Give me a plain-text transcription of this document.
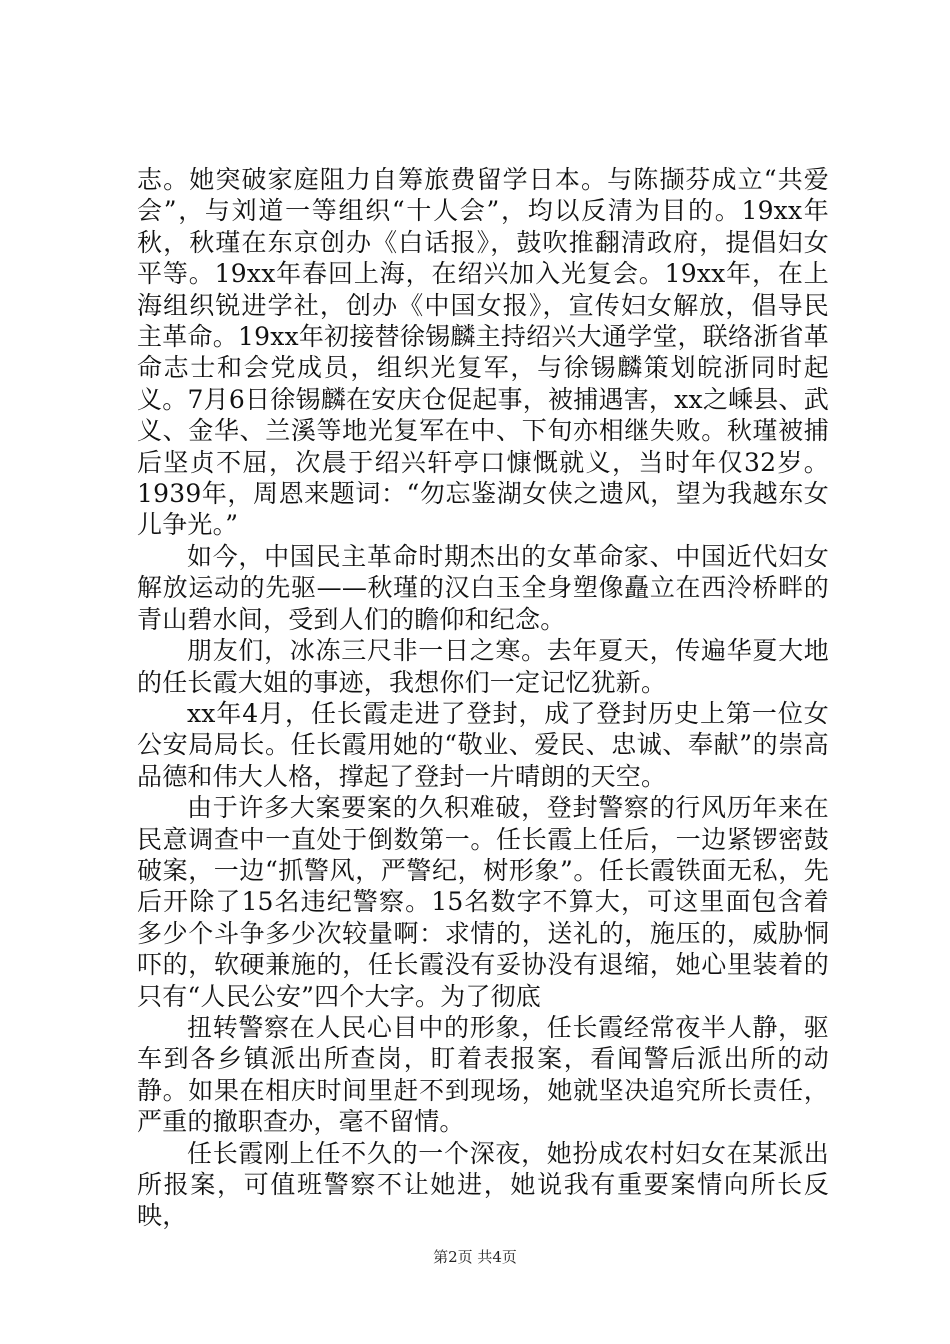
志。她突破家庭阻力自筹旅费留学日本。与陈撷芬成立“共爱会”，与刘道一等组织“十人会”，均以反清为目的。19xx年秋，秋瑾在东京创办《白话报》，鼓吹推翻清政府，提倡妇女平等。19xx年春回上海，在绍兴加入光复会。19xx年，在上海组织锐进学社，创办《中国女报》，宣传妇女解放，倡导民主革命。19xx年初接替徐锡麟主持绍兴大通学堂，联络浙省革命志士和会党成员，组织光复军，与徐锡麟策划皖浙同时起义。7月6日徐锡麟在安庆仓促起事，被捕遇害，xx之嵊县、武义、金华、兰溪等地光复军在中、下旬亦相继失败。秋瑾被捕后坚贞不屈，次晨于绍兴轩亭口慷慨就义，当时年仅32岁。1939年，周恩来题词：“勿忘鉴湖女侠之遗风，望为我越东女儿争光。”

如今，中国民主革命时期杰出的女革命家、中国近代妇女解放运动的先驱——秋瑾的汉白玉全身塑像矗立在西泠桥畔的青山碧水间，受到人们的瞻仰和纪念。

朋友们，冰冻三尺非一日之寒。去年夏天，传遍华夏大地的任长霞大姐的事迹，我想你们一定记忆犹新。

xx年4月，任长霞走进了登封，成了登封历史上第一位女公安局局长。任长霞用她的“敬业、爱民、忠诚、奉献”的崇高品德和伟大人格，撑起了登封一片晴朗的天空。

由于许多大案要案的久积难破，登封警察的行风历年来在民意调查中一直处于倒数第一。任长霞上任后，一边紧锣密鼓破案，一边“抓警风，严警纪，树形象”。任长霞铁面无私，先后开除了15名违纪警察。15名数字不算大，可这里面包含着多少个斗争多少次较量啊：求情的，送礼的，施压的，威胁恫吓的，软硬兼施的，任长霞没有妥协没有退缩，她心里装着的只有“人民公安”四个大字。为了彻底

扭转警察在人民心目中的形象，任长霞经常夜半人静，驱车到各乡镇派出所查岗，盯着表报案，看闻警后派出所的动静。如果在相庆时间里赶不到现场，她就坚决追究所长责任，严重的撤职查办，毫不留情。

任长霞刚上任不久的一个深夜，她扮成农村妇女在某派出所报案，可值班警察不让她进，她说我有重要案情向所长反映，

第2页 共4页
